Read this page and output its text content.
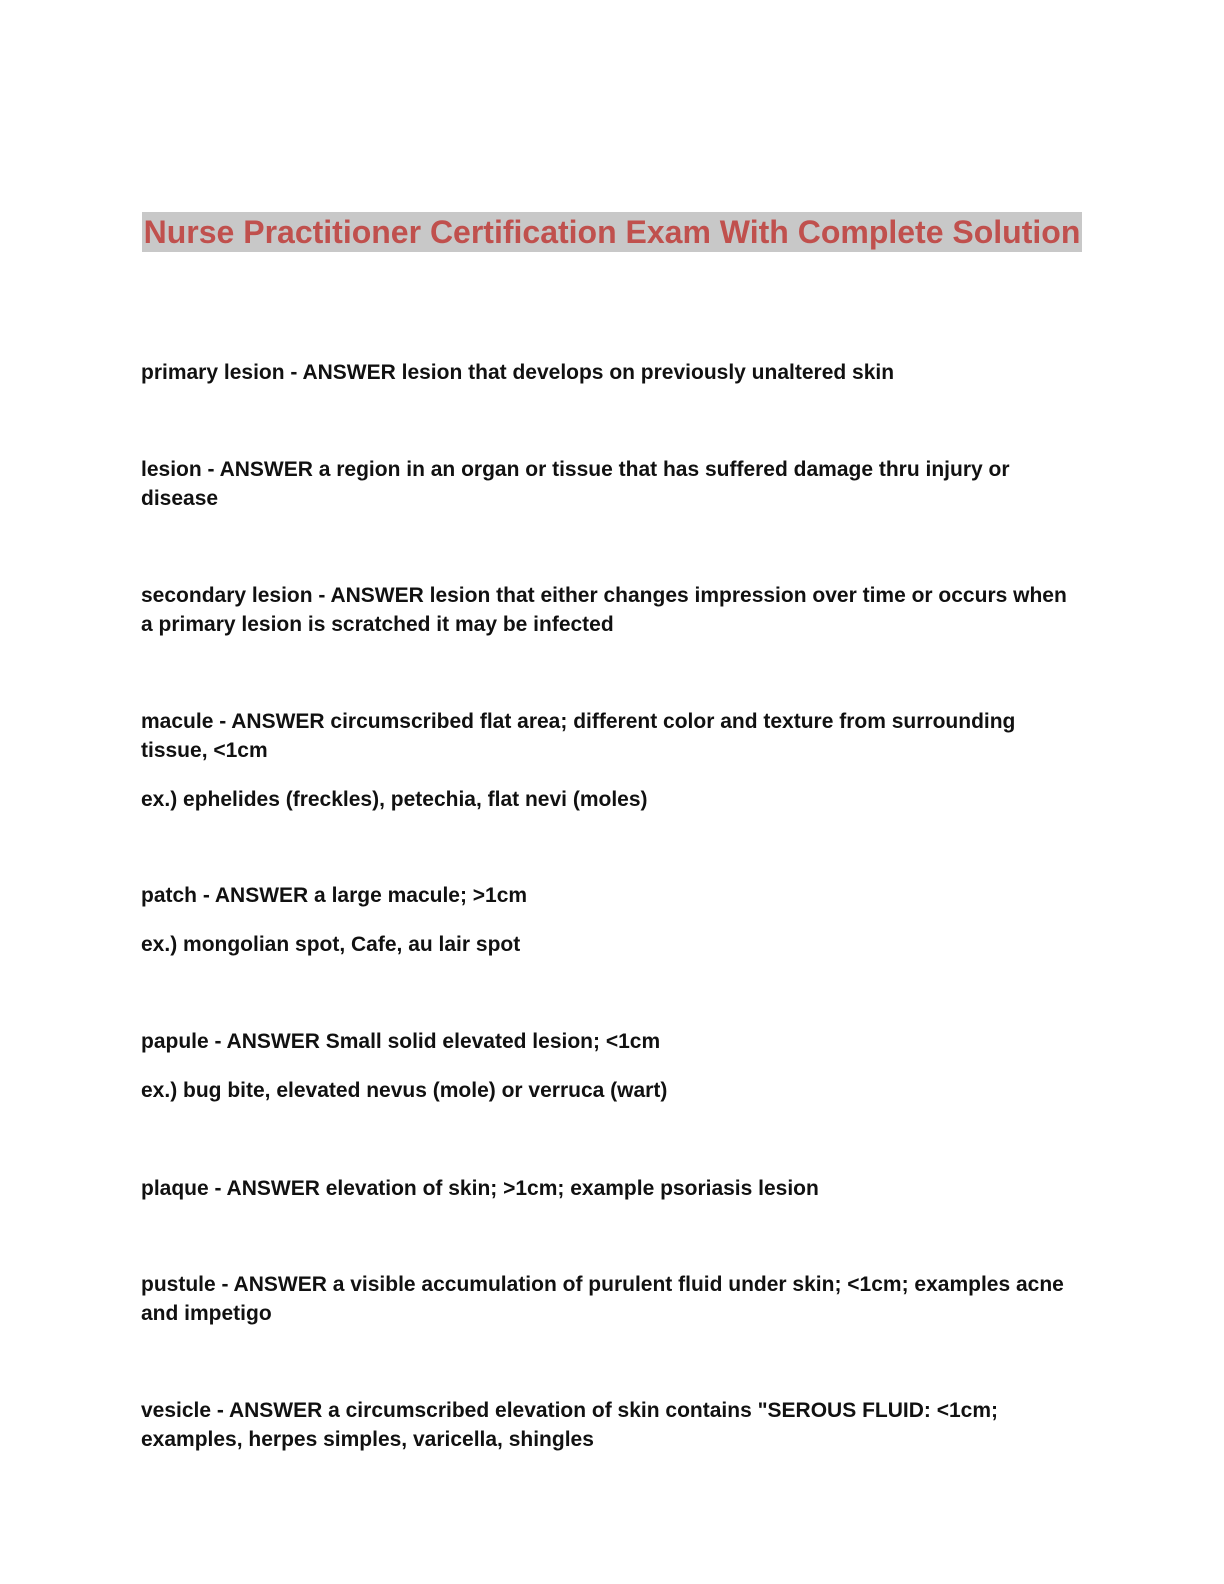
Nurse Practitioner Certification Exam With Complete Solution

primary lesion - ANSWER lesion that develops on previously unaltered skin

lesion - ANSWER a region in an organ or tissue that has suffered damage thru injury or disease

secondary lesion - ANSWER lesion that either changes impression over time or occurs when a primary lesion is scratched it may be infected

macule - ANSWER circumscribed flat area; different color and texture from surrounding tissue, <1cm

ex.) ephelides (freckles), petechia, flat nevi (moles)

patch - ANSWER a large macule; >1cm

ex.) mongolian spot, Cafe, au lair spot

papule - ANSWER Small solid elevated lesion; <1cm

ex.) bug bite, elevated nevus (mole) or verruca (wart)

plaque - ANSWER elevation of skin; >1cm; example psoriasis lesion

pustule - ANSWER a visible accumulation of purulent fluid under skin; <1cm; examples acne and impetigo

vesicle - ANSWER a circumscribed elevation of skin contains "SEROUS FLUID: <1cm; examples, herpes simples, varicella, shingles
